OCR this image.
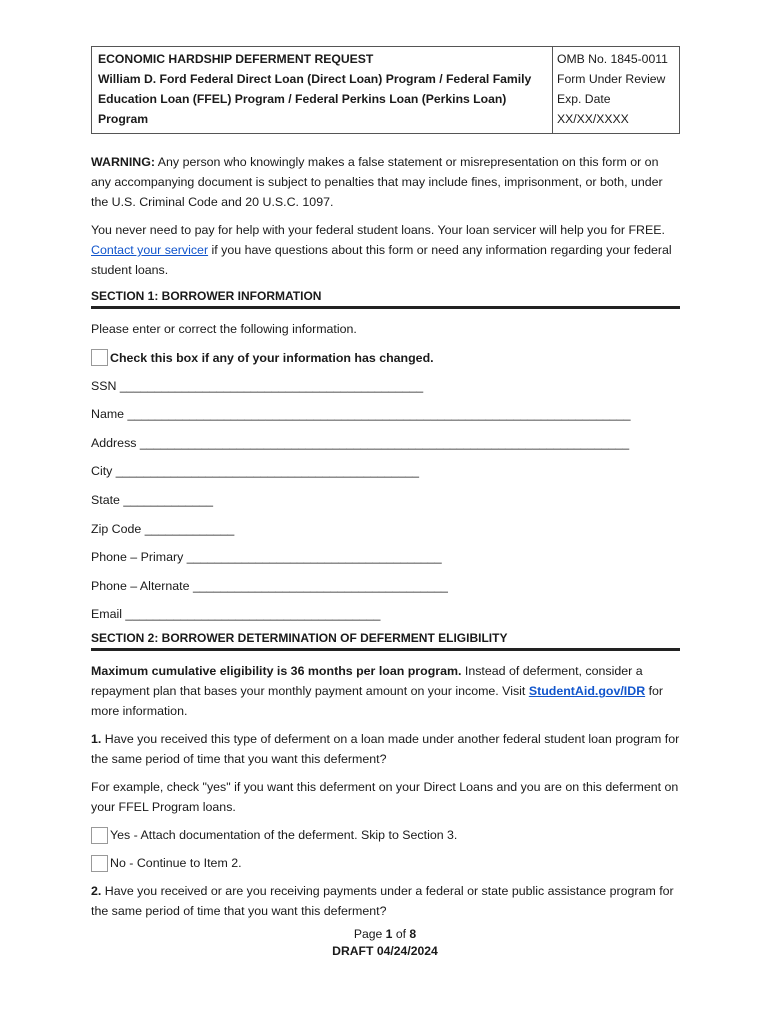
ECONOMIC HARDSHIP DEFERMENT REQUEST
William D. Ford Federal Direct Loan (Direct Loan) Program / Federal Family
Education Loan (FFEL) Program / Federal Perkins Loan (Perkins Loan)
Program
OMB No. 1845-0011
Form Under Review
Exp. Date
XX/XX/XXXX

WARNING: Any person who knowingly makes a false statement or misrepresentation on this form or on any accompanying document is subject to penalties that may include fines, imprisonment, or both, under the U.S. Criminal Code and 20 U.S.C. 1097.

You never need to pay for help with your federal student loans. Your loan servicer will help you for FREE. Contact your servicer if you have questions about this form or need any information regarding your federal student loans.

SECTION 1: BORROWER INFORMATION

Please enter or correct the following information.

Check this box if any of your information has changed.
SSN ____________________________________________
Name _________________________________________________________________________
Address _______________________________________________________________________
City ____________________________________________
State _____________
Zip Code _____________
Phone – Primary _____________________________________
Phone – Alternate _____________________________________
Email _____________________________________
SECTION 2: BORROWER DETERMINATION OF DEFERMENT ELIGIBILITY

Maximum cumulative eligibility is 36 months per loan program. Instead of deferment, consider a repayment plan that bases your monthly payment amount on your income. Visit StudentAid.gov/IDR for more information.

1. Have you received this type of deferment on a loan made under another federal student loan program for the same period of time that you want this deferment?

For example, check "yes" if you want this deferment on your Direct Loans and you are on this deferment on your FFEL Program loans.

Yes - Attach documentation of the deferment. Skip to Section 3.
No - Continue to Item 2.

2. Have you received or are you receiving payments under a federal or state public assistance program for the same period of time that you want this deferment?

Page 1 of 8
DRAFT 04/24/2024
